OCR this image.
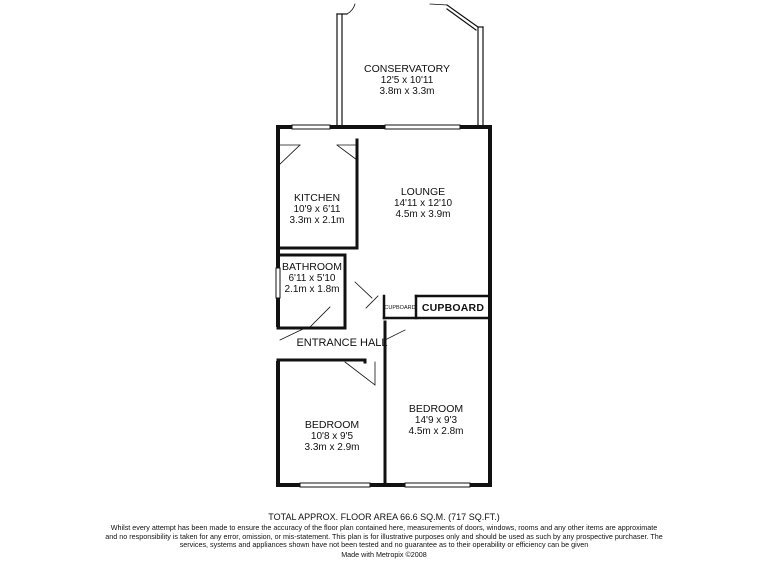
CONSERVATORY
12'5 x 10'11
3.8m x 3.3m
KITCHEN
10'9 x 6'11
3.3m x 2.1m
LOUNGE
14'11 x 12'10
4.5m x 3.9m
BATHROOM
6'11 x 5'10
2.1m x 1.8m
CUPBOARD CUPBOARD
ENTRANCE HALL
BEDROOM
10'8 x 9'5
3.3m x 2.9m
BEDROOM
14'9 x 9'3
4.5m x 2.8m
TOTAL APPROX. FLOOR AREA 66.6 SQ.M. (717 SQ.FT.)
Whilst every attempt has been made to ensure the accuracy of the floor plan contained here, measurements of doors, windows, rooms and any other items are approximate and no responsibility is taken for any error, omission, or mis-statement. This plan is for illustrative purposes only and should be used as such by any prospective purchaser. The services, systems and appliances shown have not been tested and no guarantee as to their operability or efficiency can be given
Made with Metropix ©2008
